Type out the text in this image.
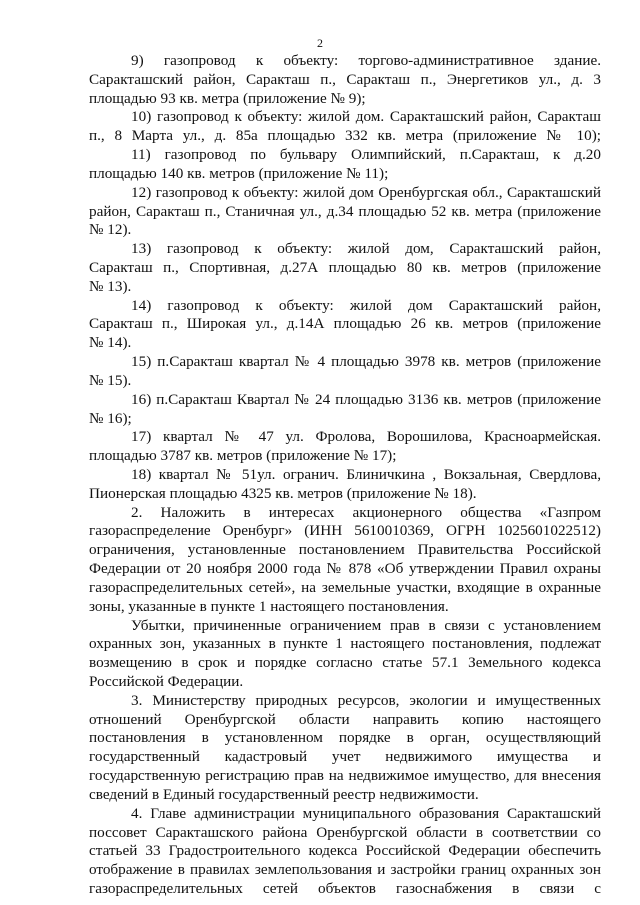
2
9) газопровод к объекту: торгово-административное здание.
Саракташский район, Саракташ п., Саракташ п., Энергетиков ул., д. 3
площадью 93 кв. метра (приложение № 9);
10) газопровод к объекту: жилой дом. Саракташский район, Саракташ
п., 8 Марта ул., д. 85а площадью 332 кв. метра (приложение № 10);
11) газопровод по бульвару Олимпийский, п.Саракташ, к д.20
площадью 140 кв. метров (приложение № 11);
12) газопровод к объекту: жилой дом Оренбургская обл., Саракташский
район, Саракташ п., Станичная ул., д.34 площадью 52 кв. метра (приложение
№ 12).
13) газопровод к объекту: жилой дом, Саракташский район,
Саракташ п., Спортивная, д.27А площадью 80 кв. метров (приложение
№ 13).
14) газопровод к объекту: жилой дом Саракташский район,
Саракташ п., Широкая ул., д.14А площадью 26 кв. метров (приложение
№ 14).
15) п.Саракташ квартал № 4 площадью 3978 кв. метров (приложение
№ 15).
16) п.Саракташ Квартал № 24 площадью 3136 кв. метров (приложение
№ 16);
17) квартал № 47 ул. Фролова, Ворошилова, Красноармейская.
площадью 3787 кв. метров (приложение № 17);
18) квартал № 51ул. огранич. Блиничкина , Вокзальная, Свердлова,
Пионерская площадью 4325 кв. метров (приложение № 18).
2. Наложить в интересах акционерного общества «Газпром
газораспределение Оренбург» (ИНН 5610010369, ОГРН 1025601022512)
ограничения, установленные постановлением Правительства Российской
Федерации от 20 ноября 2000 года № 878 «Об утверждении Правил охраны
газораспределительных сетей», на земельные участки, входящие в охранные
зоны, указанные в пункте 1 настоящего постановления.
Убытки, причиненные ограничением прав в связи с установлением
охранных зон, указанных в пункте 1 настоящего постановления, подлежат
возмещению в срок и порядке согласно статье 57.1 Земельного кодекса
Российской Федерации.
3. Министерству природных ресурсов, экологии и имущественных
отношений Оренбургской области направить копию настоящего
постановления в установленном порядке в орган, осуществляющий
государственный кадастровый учет недвижимого имущества и
государственную регистрацию прав на недвижимое имущество, для внесения
сведений в Единый государственный реестр недвижимости.
4. Главе администрации муниципального образования Саракташский
поссовет Саракташского района Оренбургской области в соответствии со
статьей 33 Градостроительного кодекса Российской Федерации обеспечить
отображение в правилах землепользования и застройки границ охранных зон
газораспределительных сетей объектов газоснабжения в связи с
